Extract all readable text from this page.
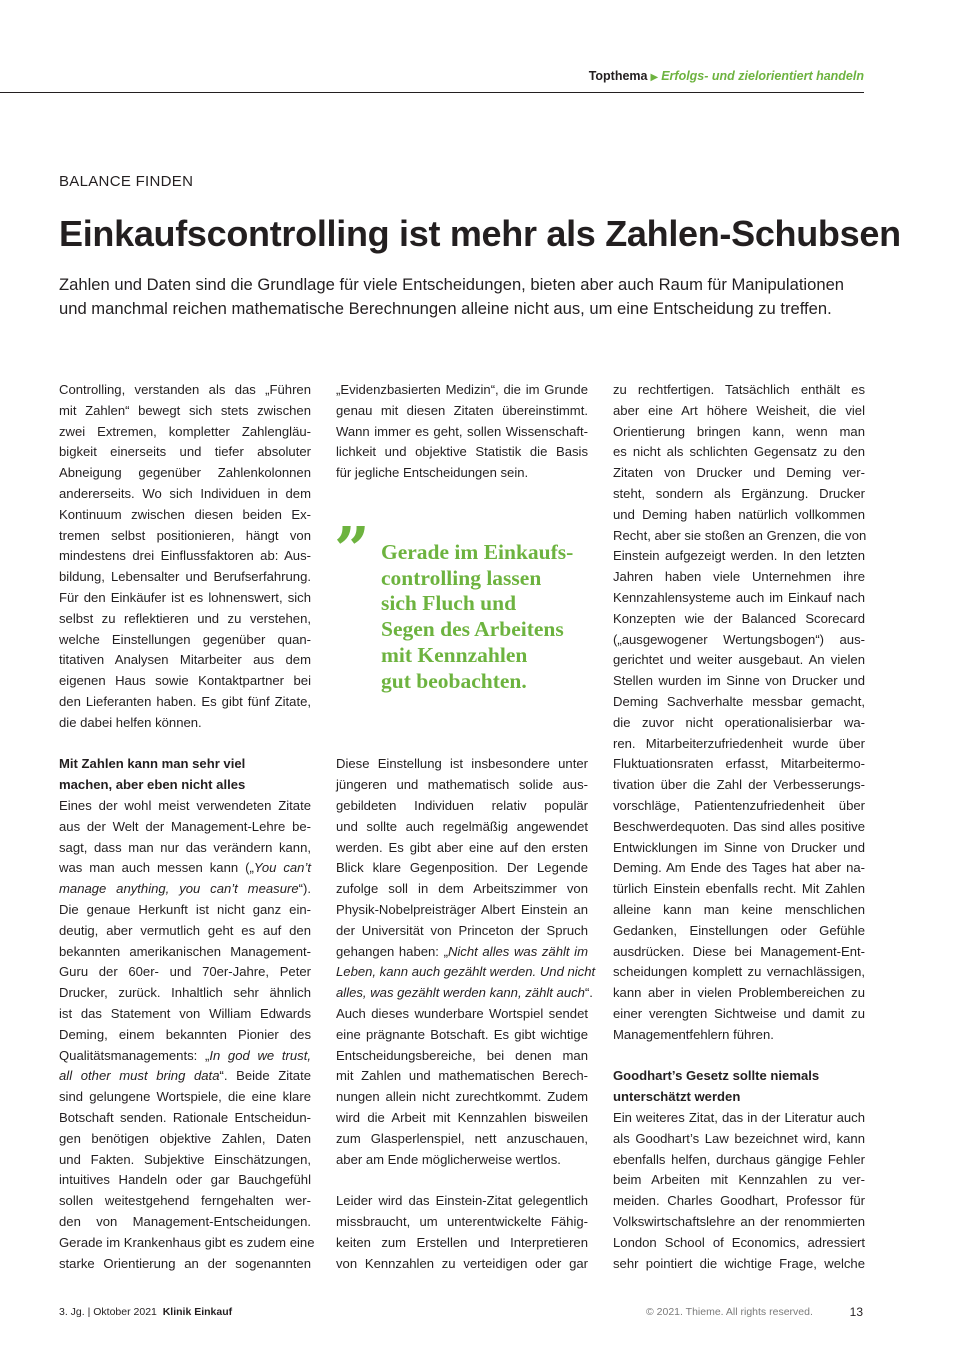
Topthema ▶ Erfolgs- und zielorientiert handeln
BALANCE FINDEN
Einkaufscontrolling ist mehr als Zahlen-Schubsen
Zahlen und Daten sind die Grundlage für viele Entscheidungen, bieten aber auch Raum für Manipulationen
und manchmal reichen mathematische Berechnungen alleine nicht aus, um eine Entscheidung zu treffen.
Controlling, verstanden als das „Führen
mit Zahlen“ bewegt sich stets zwischen
zwei Extremen, kompletter Zahlengläu-
bigkeit einerseits und tiefer absoluter
Abneigung gegenüber Zahlenkolonnen
andererseits. Wo sich Individuen in dem
Kontinuum zwischen diesen beiden Ex-
tremen selbst positionieren, hängt von
mindestens drei Einflussfaktoren ab: Aus-
bildung, Lebensalter und Berufserfahrung.
Für den Einkäufer ist es lohnenswert, sich
selbst zu reflektieren und zu verstehen,
welche Einstellungen gegenüber quan-
titativen Analysen Mitarbeiter aus dem
eigenen Haus sowie Kontaktpartner bei
den Lieferanten haben. Es gibt fünf Zitate,
die dabei helfen können.
Mit Zahlen kann man sehr viel
machen, aber eben nicht alles
Eines der wohl meist verwendeten Zitate
aus der Welt der Management-Lehre be-
sagt, dass man nur das verändern kann,
was man auch messen kann („You can’t
manage anything, you can’t measure“).
Die genaue Herkunft ist nicht ganz ein-
deutig, aber vermutlich geht es auf den
bekannten amerikanischen Management-
Guru der 60er- und 70er-Jahre, Peter
Drucker, zurück. Inhaltlich sehr ähnlich
ist das Statement von William Edwards
Deming, einem bekannten Pionier des
Qualitätsmanagements: „In god we trust,
all other must bring data“. Beide Zitate
sind gelungene Wortspiele, die eine klare
Botschaft senden. Rationale Entscheidun-
gen benötigen objektive Zahlen, Daten
und Fakten. Subjektive Einschätzungen,
intuitives Handeln oder gar Bauchgefühl
sollen weitestgehend ferngehalten wer-
den von Management-Entscheidungen.
Gerade im Krankenhaus gibt es zudem eine
starke Orientierung an der sogenannten
„Evidenzbasierten Medizin“, die im Grunde
genau mit diesen Zitaten übereinstimmt.
Wann immer es geht, sollen Wissenschaft-
lichkeit und objektive Statistik die Basis
für jegliche Entscheidungen sein.
Diese Einstellung ist insbesondere unter
jüngeren und mathematisch solide aus-
gebildeten Individuen relativ populär
und sollte auch regelmäßig angewendet
werden. Es gibt aber eine auf den ersten
Blick klare Gegenposition. Der Legende
zufolge soll in dem Arbeitszimmer von
Physik-Nobelpreisträger Albert Einstein an
der Universität von Princeton der Spruch
gehangen haben: „Nicht alles was zählt im
Leben, kann auch gezählt werden. Und nicht
alles, was gezählt werden kann, zählt auch“.
Auch dieses wunderbare Wortspiel sendet
eine prägnante Botschaft. Es gibt wichtige
Entscheidungsbereiche, bei denen man
mit Zahlen und mathematischen Berech-
nungen allein nicht zurechtkommt. Zudem
wird die Arbeit mit Kennzahlen bisweilen
zum Glasperlenspiel, nett anzuschauen,
aber am Ende möglicherweise wertlos.
Leider wird das Einstein-Zitat gelegentlich
missbraucht, um unterentwickelte Fähig-
keiten zum Erstellen und Interpretieren
von Kennzahlen zu verteidigen oder gar
” Gerade im Einkaufs-
controlling lassen
sich Fluch und
Segen des Arbeitens
mit Kennzahlen
gut beobachten.
zu rechtfertigen. Tatsächlich enthält es
aber eine Art höhere Weisheit, die viel
Orientierung bringen kann, wenn man
es nicht als schlichten Gegensatz zu den
Zitaten von Drucker und Deming ver-
steht, sondern als Ergänzung. Drucker
und Deming haben natürlich vollkommen
Recht, aber sie stoßen an Grenzen, die von
Einstein aufgezeigt werden. In den letzten
Jahren haben viele Unternehmen ihre
Kennzahlensysteme auch im Einkauf nach
Konzepten wie der Balanced Scorecard
(„ausgewogener Wertungsbogen“) aus-
gerichtet und weiter ausgebaut. An vielen
Stellen wurden im Sinne von Drucker und
Deming Sachverhalte messbar gemacht,
die zuvor nicht operationalisierbar wa-
ren. Mitarbeiterzufriedenheit wurde über
Fluktuationsraten erfasst, Mitarbeitermo-
tivation über die Zahl der Verbesserungs-
vorschläge, Patientenzufriedenheit über
Beschwerdequoten. Das sind alles positive
Entwicklungen im Sinne von Drucker und
Deming. Am Ende des Tages hat aber na-
türlich Einstein ebenfalls recht. Mit Zahlen
alleine kann man keine menschlichen
Gedanken, Einstellungen oder Gefühle
ausdrücken. Diese bei Management-Ent-
scheidungen komplett zu vernachlässigen,
kann aber in vielen Problembereichen zu
einer verengten Sichtweise und damit zu
Managementfehlern führen.
Goodhart’s Gesetz sollte niemals
unterschätzt werden
Ein weiteres Zitat, das in der Literatur auch
als Goodhart’s Law bezeichnet wird, kann
ebenfalls helfen, durchaus gängige Fehler
beim Arbeiten mit Kennzahlen zu ver-
meiden. Charles Goodhart, Professor für
Volkswirtschaftslehre an der renommierten
London School of Economics, adressiert
sehr pointiert die wichtige Frage, welche
3. Jg. | Oktober 2021 Klinik Einkauf	© 2021. Thieme. All rights reserved.	13
